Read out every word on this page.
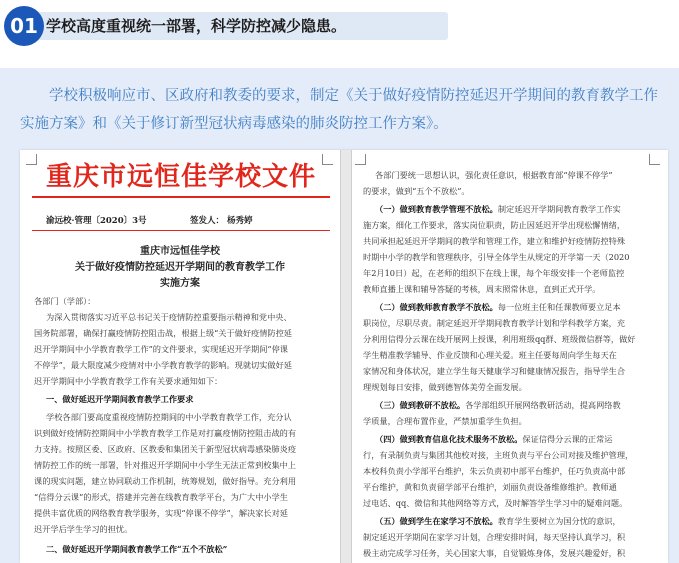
01 学校高度重视统一部署，科学防控减少隐患。
学校积极响应市、区政府和教委的要求，制定《关于做好疫情防控延迟开学期间的教育教学工作实施方案》和《关于修订新型冠状病毒感染的肺炎防控工作方案》。
重庆市远恒佳学校文件
渝远校·管理〔2020〕3号	签发人： 杨秀婷
重庆市远恒佳学校
关于做好疫情防控延迟开学期间的教育教学工作
实施方案
各部门（学部）：
为深入贯彻落实习近平总书记关于疫情防控重要指示精神和党中央、
国务院部署，确保打赢疫情防控阻击战，根据上级“关于做好疫情防控延
迟开学期间中小学教育教学工作”的文件要求，实现延迟开学期间“停课
不停学”，最大限度减少疫情对中小学教育教学的影响。现就切实做好延
迟开学期间中小学教育教学工作有关要求通知如下：
一、做好延迟开学期间教育教学工作要求
学校各部门要高度重视疫情防控期间的中小学教育教学工作，充分认
识到做好疫情防控期间中小学教育教学工作是对打赢疫情防控阻击战的有
力支持。按照区委、区政府、区教委和集团关于新型冠状病毒感染肺炎疫
情防控工作的统一部署，针对推迟开学期间中小学生无法正常到校集中上
课的现实问题，建立协同联动工作机制，统筹规划，做好指导。充分利用
“信得分云课”的形式，搭建并完善在线教育教学平台，为广大中小学生
提供丰富优质的网络教育教学服务，实现“停课不停学”，解决家长对延
迟开学后学生学习的担忧。
二、做好延迟开学期间教育教学工作“五个不放松”
各部门要统一思想认识，强化责任意识，根据教育部“停课不停学”
的要求，做到“五个不放松”。
（一）做到教育教学管理不放松。制定延迟开学期间教育教学工作实
施方案，细化工作要求，落实岗位职责，防止因延迟开学出现松懈情绪，
共同承担起延迟开学期间的教学和管理工作，建立和维护好疫情防控特殊
时期中小学的教学和管理秩序，引导全体学生从规定的开学第一天（2020
年2月10日）起，在老师的组织下在线上课，每个年级安排一个老师监控
教师直播上课和辅导答疑的考核，周末照常休息，直到正式开学。
（二）做到教师教育教学不放松。每一位班主任和任课教师要立足本
职岗位，尽职尽责。制定延迟开学期间教育教学计划和学科教学方案，充
分利用信得分云课在线开展网上授课，利用班级qq群、班级微信群等，做好
学生精准教学辅导、作业反馈和心理关爱。班主任要每周向学生每天在
家情况和身体状况，建立学生每天健康学习和健康情况报告，指导学生合
理规划每日安排，做到德智体美劳全面发展。
（三）做到教研不放松。各学部组织开展网络教研活动，提高网络教
学质量，合理布置作业，严禁加重学生负担。
（四）做到教育信息化技术服务不放松。保证信得分云课的正常运
行，有录制负责与集团其他校对接，主班负责与平台公司对接及维护管理，
本校科负责小学部平台维护，朱云负责初中部平台维护，任巧负责高中部
平台维护，黄和负责留学部平台维护，刘丽负责设备维修维护。教师通
过电话、qq、微信和其他网络等方式，及时解答学生学习中的疑难问题。
（五）做到学生在家学习不放松。教育学生要树立为国分忧的意识，
制定延迟开学期间在家学习计划，合理安排时间，每天坚持认真学习，积
极主动完成学习任务，关心国家大事，自觉锻炼身体，发展兴趣爱好，积
